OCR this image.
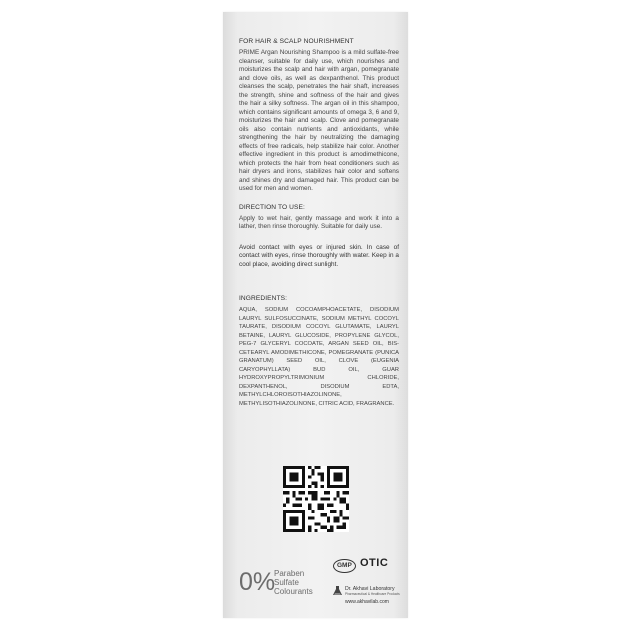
FOR HAIR & SCALP NOURISHMENT

PRIME Argan Nourishing Shampoo is a mild sulfate-free cleanser, suitable for daily use, which nourishes and moisturizes the scalp and hair with argan, pomegranate and clove oils, as well as dexpanthenol. This product cleanses the scalp, penetrates the hair shaft, increases the strength, shine and softness of the hair and gives the hair a silky softness. The argan oil in this shampoo, which contains significant amounts of omega 3, 6 and 9, moisturizes the hair and scalp. Clove and pomegranate oils also contain nutrients and antioxidants, while strengthening the hair by neutralizing the damaging effects of free radicals, help stabilize hair color. Another effective ingredient in this product is amodimethicone, which protects the hair from heat conditioners such as hair dryers and irons, stabilizes hair color and softens and shines dry and damaged hair. This product can be used for men and women.

DIRECTION TO USE:

Apply to wet hair, gently massage and work it into a lather, then rinse thoroughly. Suitable for daily use.

Avoid contact with eyes or injured skin. In case of contact with eyes, rinse thoroughly with water. Keep in a cool place, avoiding direct sunlight.

INGREDIENTS:

AQUA, SODIUM COCOAMPHOACETATE, DISODIUM LAURYL SULFOSUCCINATE, SODIUM METHYL COCOYL TAURATE, DISODIUM COCOYL GLUTAMATE, LAURYL BETAINE, LAURYL GLUCOSIDE, PROPYLENE GLYCOL, PEG-7 GLYCERYL COCOATE, ARGAN SEED OIL, BIS-CETEARYL AMODIMETHICONE, POMEGRANATE (PUNICA GRANATUM) SEED OIL, CLOVE (EUGENIA CARYOPHYLLATA) BUD OIL, GUAR HYDROXYPROPYLTRIMONIUM CHLORIDE, DEXPANTHENOL, DISODIUM EDTA, METHYLCHLOROISOTHIAZOLINONE, METHYLISOTHIAZOLINONE, CITRIC ACID, FRAGRANCE.

0%
Paraben
Sulfate
Colourants
GMP OTIC
Dr. Akhavi Laboratory
Pharmaceutical & Healthcare Products
www.akhavilab.com
